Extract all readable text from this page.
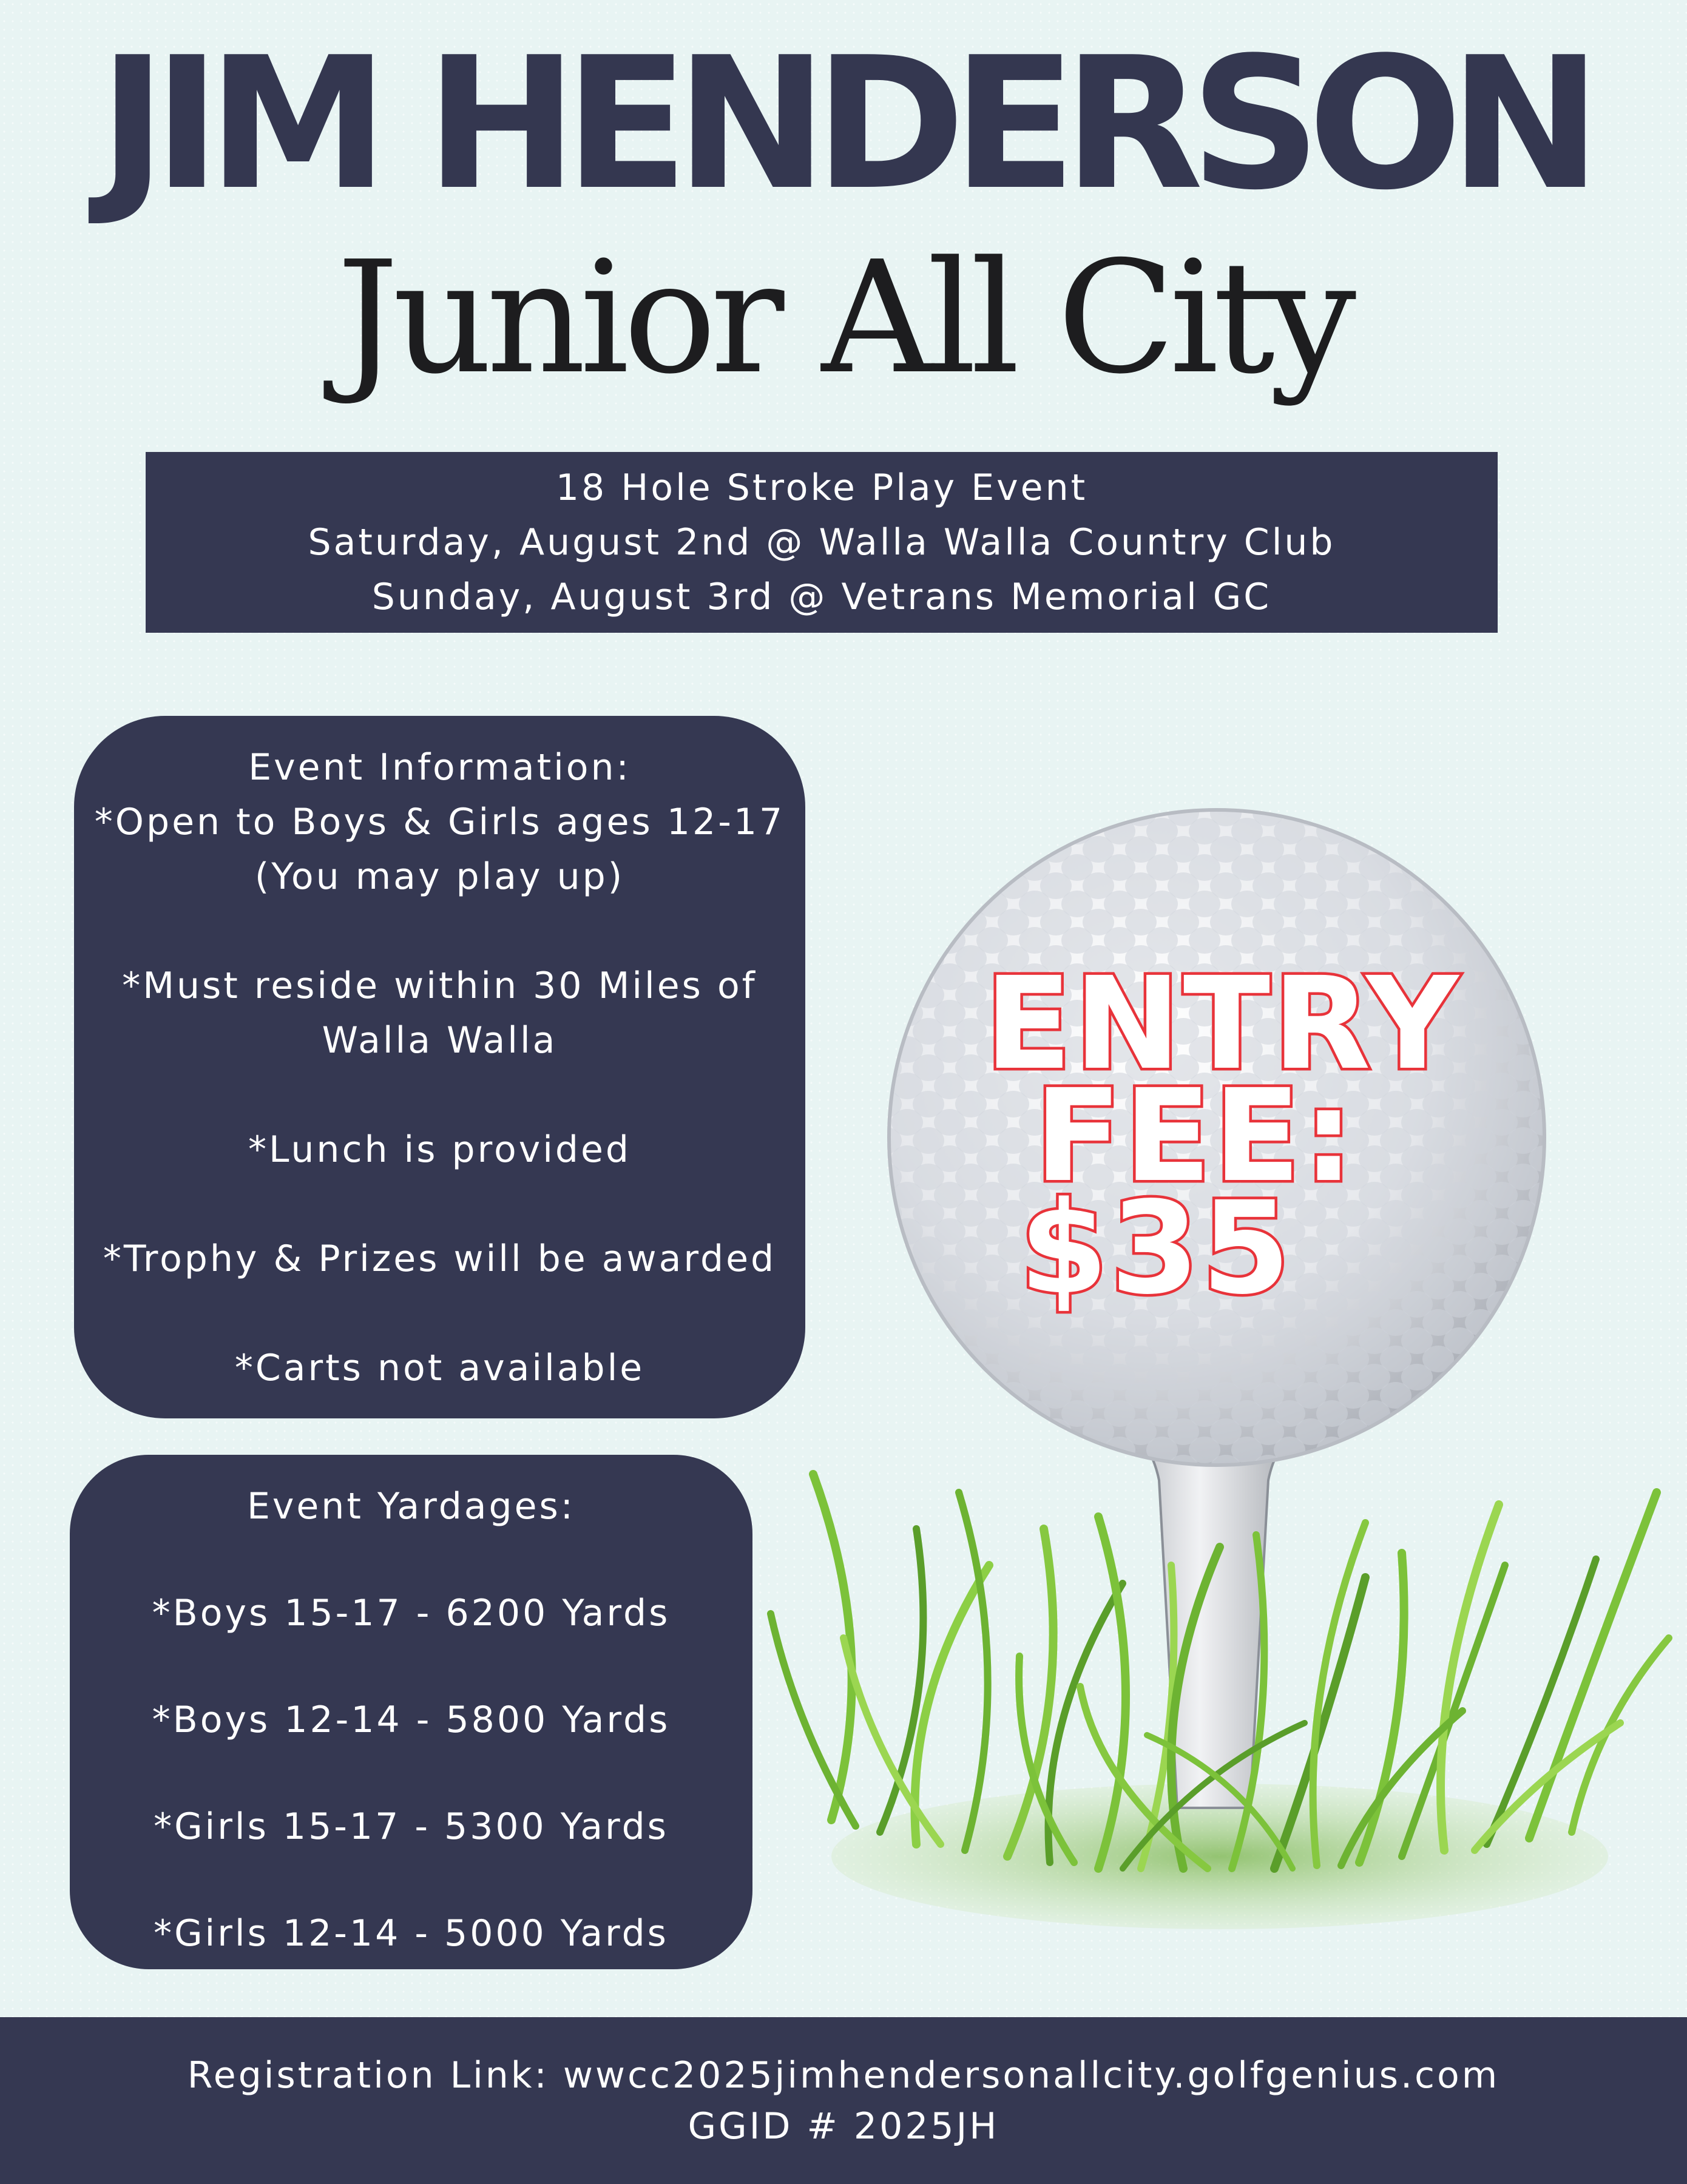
JIM HENDERSON
Junior All City
18 Hole Stroke Play Event
Saturday, August 2nd @ Walla Walla Country Club
Sunday, August 3rd @ Vetrans Memorial GC
Event Information:
*Open to Boys & Girls ages 12-17
(You may play up)
*Must reside within 30 Miles of
Walla Walla
*Lunch is provided
*Trophy & Prizes will be awarded
*Carts not available
Event Yardages:
*Boys 15-17 - 6200 Yards
*Boys 12-14 - 5800 Yards
*Girls 15-17 - 5300 Yards
*Girls 12-14 - 5000 Yards
ENTRY
FEE:
$35
Registration Link: wwcc2025jimhendersonallcity.golfgenius.com
GGID # 2025JH
